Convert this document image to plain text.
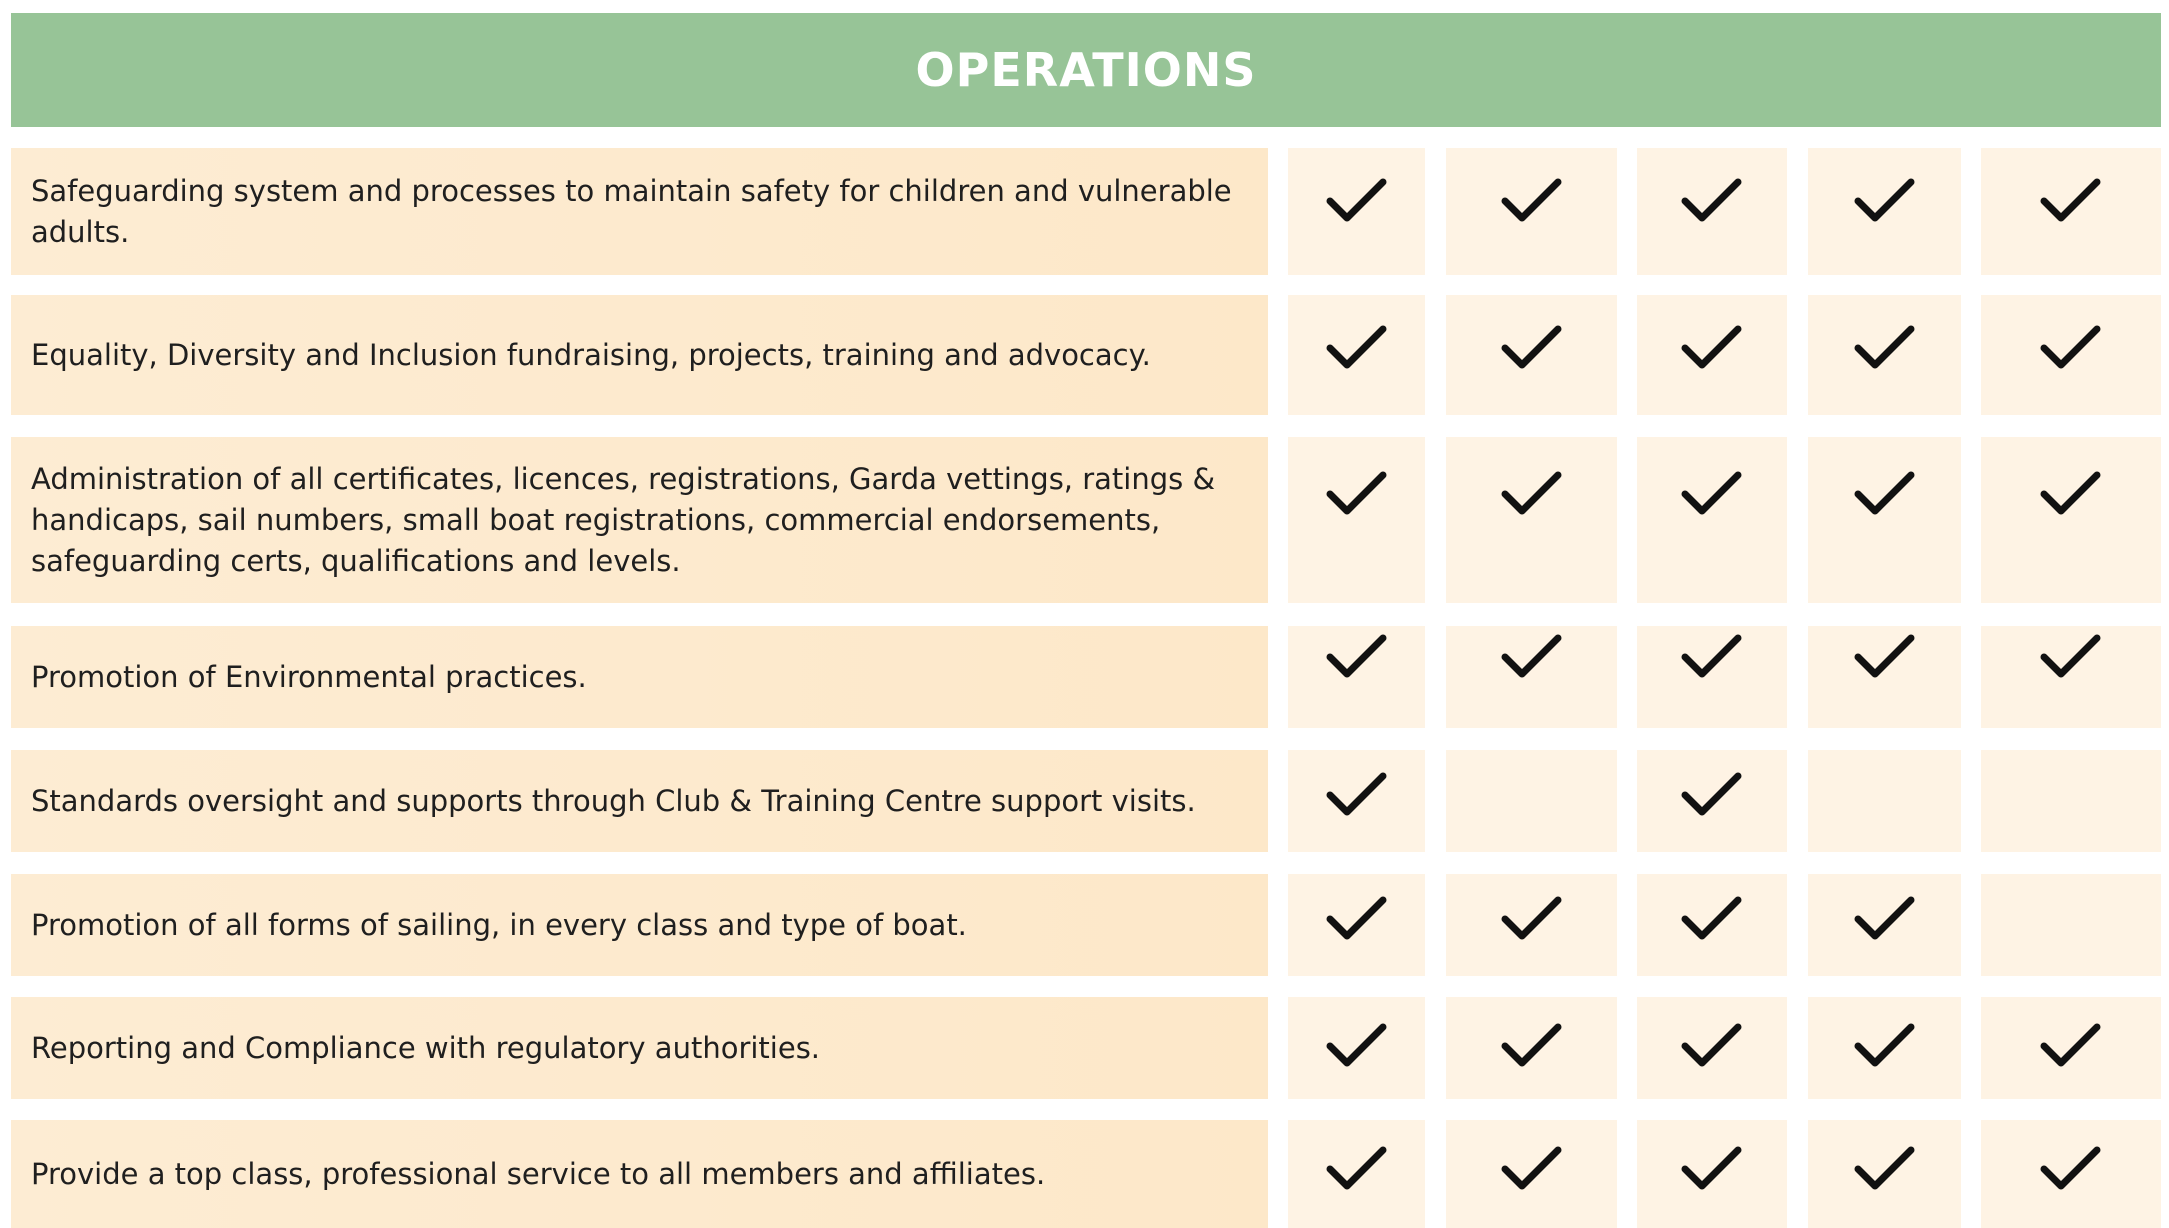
OPERATIONS
Safeguarding system and processes to maintain safety for children and vulnerable adults.
Equality, Diversity and Inclusion fundraising, projects, training and advocacy.
Administration of all certificates, licences, registrations, Garda vettings, ratings & handicaps, sail numbers, small boat registrations, commercial endorsements, safeguarding certs, qualifications and levels.
Promotion of Environmental practices.
Standards oversight and supports through Club & Training Centre support visits.
Promotion of all forms of sailing, in every class and type of boat.
Reporting and Compliance with regulatory authorities.
Provide a top class, professional service to all members and affiliates.
